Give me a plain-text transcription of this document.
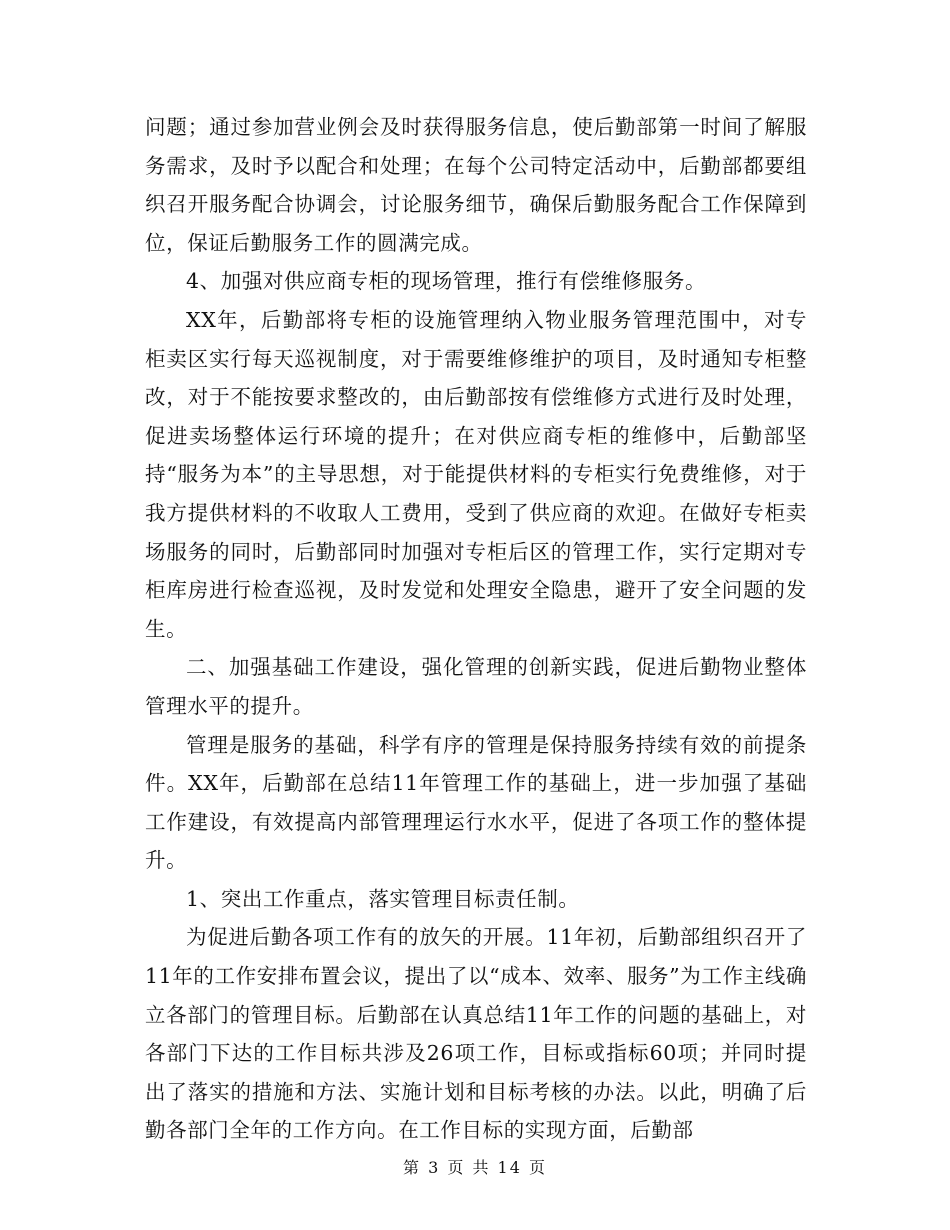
问题；通过参加营业例会及时获得服务信息，使后勤部第一时间了解服务需求，及时予以配合和处理；在每个公司特定活动中，后勤部都要组织召开服务配合协调会，讨论服务细节，确保后勤服务配合工作保障到位，保证后勤服务工作的圆满完成。

4、加强对供应商专柜的现场管理，推行有偿维修服务。

XX年，后勤部将专柜的设施管理纳入物业服务管理范围中，对专柜卖区实行每天巡视制度，对于需要维修维护的项目，及时通知专柜整改，对于不能按要求整改的，由后勤部按有偿维修方式进行及时处理，促进卖场整体运行环境的提升；在对供应商专柜的维修中，后勤部坚持“服务为本”的主导思想，对于能提供材料的专柜实行免费维修，对于我方提供材料的不收取人工费用，受到了供应商的欢迎。在做好专柜卖场服务的同时，后勤部同时加强对专柜后区的管理工作，实行定期对专柜库房进行检查巡视，及时发觉和处理安全隐患，避开了安全问题的发生。

二、加强基础工作建设，强化管理的创新实践，促进后勤物业整体管理水平的提升。

管理是服务的基础，科学有序的管理是保持服务持续有效的前提条件。XX年，后勤部在总结11年管理工作的基础上，进一步加强了基础工作建设，有效提高内部管理理运行水水平，促进了各项工作的整体提升。

1、突出工作重点，落实管理目标责任制。

为促进后勤各项工作有的放矢的开展。11年初，后勤部组织召开了11年的工作安排布置会议，提出了以“成本、效率、服务”为工作主线确立各部门的管理目标。后勤部在认真总结11年工作的问题的基础上，对各部门下达的工作目标共涉及26项工作，目标或指标60项；并同时提出了落实的措施和方法、实施计划和目标考核的办法。以此，明确了后勤各部门全年的工作方向。在工作目标的实现方面，后勤部

第 3 页 共 14 页
